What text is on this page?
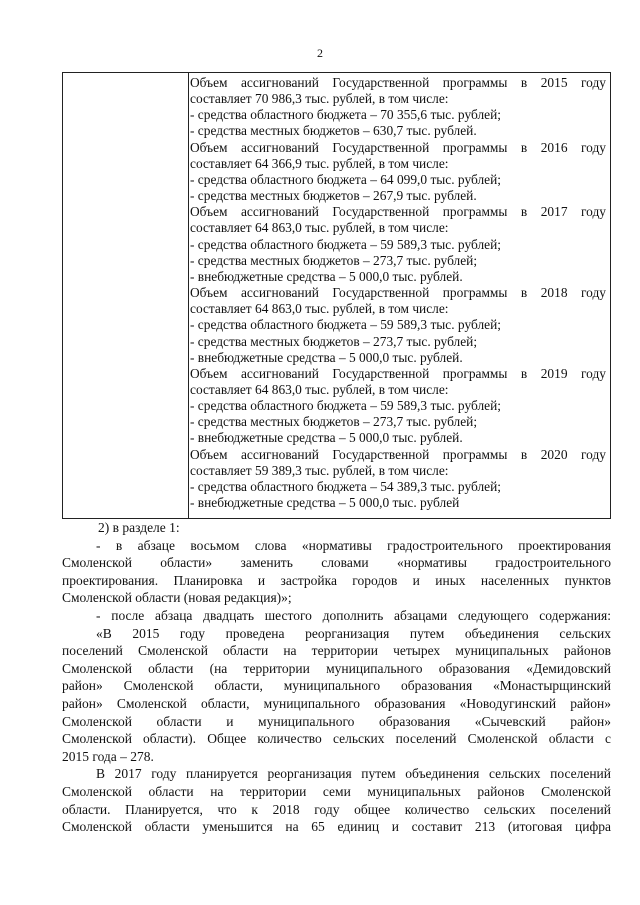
2
Объем ассигнований Государственной программы в 2015 году
составляет 70 986,3 тыс. рублей, в том числе:
- средства областного бюджета – 70 355,6 тыс. рублей;
- средства местных бюджетов – 630,7 тыс. рублей.
Объем ассигнований Государственной программы в 2016 году
составляет 64 366,9 тыс. рублей, в том числе:
- средства областного бюджета – 64 099,0 тыс. рублей;
- средства местных бюджетов – 267,9 тыс. рублей.
Объем ассигнований Государственной программы в 2017 году
составляет 64 863,0 тыс. рублей, в том числе:
- средства областного бюджета – 59 589,3 тыс. рублей;
- средства местных бюджетов – 273,7 тыс. рублей;
- внебюджетные средства – 5 000,0 тыс. рублей.
Объем ассигнований Государственной программы в 2018 году
составляет 64 863,0 тыс. рублей, в том числе:
- средства областного бюджета – 59 589,3 тыс. рублей;
- средства местных бюджетов – 273,7 тыс. рублей;
- внебюджетные средства – 5 000,0 тыс. рублей.
Объем ассигнований Государственной программы в 2019 году
составляет 64 863,0 тыс. рублей, в том числе:
- средства областного бюджета – 59 589,3 тыс. рублей;
- средства местных бюджетов – 273,7 тыс. рублей;
- внебюджетные средства – 5 000,0 тыс. рублей.
Объем ассигнований Государственной программы в 2020 году
составляет 59 389,3 тыс. рублей, в том числе:
- средства областного бюджета – 54 389,3 тыс. рублей;
- внебюджетные средства – 5 000,0 тыс. рублей

2) в разделе 1:

- в абзаце восьмом слова «нормативы градостроительного проектирования

Смоленской области» заменить словами «нормативы градостроительного

проектирования. Планировка и застройка городов и иных населенных пунктов

Смоленской области (новая редакция)»;

- после абзаца двадцать шестого дополнить абзацами следующего содержания:

«В 2015 году проведена реорганизация путем объединения сельских

поселений Смоленской области на территории четырех муниципальных районов

Смоленской области (на территории муниципального образования «Демидовский

район» Смоленской области, муниципального образования «Монастырщинский

район» Смоленской области, муниципального образования «Новодугинский район»

Смоленской области и муниципального образования «Сычевский район»

Смоленской области). Общее количество сельских поселений Смоленской области с

2015 года – 278.

В 2017 году планируется реорганизация путем объединения сельских поселений

Смоленской области на территории семи муниципальных районов Смоленской

области. Планируется, что к 2018 году общее количество сельских поселений

Смоленской области уменьшится на 65 единиц и составит 213 (итоговая цифра
